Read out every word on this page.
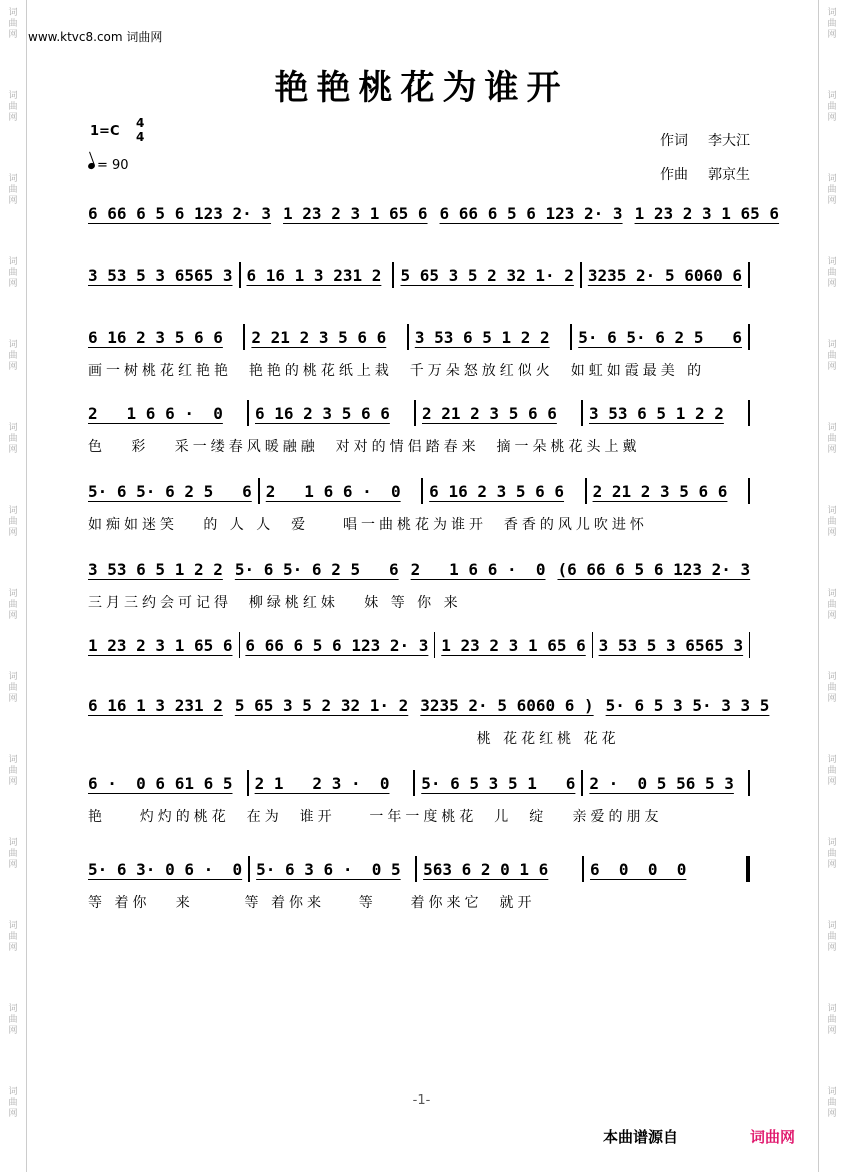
词曲网
词曲网
词曲网
词曲网
词曲网
词曲网
词曲网
词曲网
词曲网
词曲网
词曲网
词曲网
词曲网
词曲网
词曲网
词曲网
词曲网
词曲网
词曲网
词曲网
词曲网
词曲网
词曲网
词曲网
词曲网
词曲网
词曲网
词曲网
www.ktvc8.com 词曲网
艳艳桃花为谁开
1=C
4
4
= 90
作词 李大江
作曲 郭京生
6 66 6 5 6 123 2· 3 1 23 2 3 1 65 6 6 66 6 5 6 123 2· 3 1 23 2 3 1 65 6
3 53 5 3 6565 3 6 16 1 3 231 2	5 65 3 5 2 32 1· 2 3235 2· 5 6060 6
6 16 2 3 5 6 6	2 21 2 3 5 6 6	3 53 6 5 1 2 2	5· 6 5· 6 2 5   6
画一树桃花红艳艳  艳艳的桃花纸上栽  千万朵怒放红似火  如虹如霞最美 的
2   1 6 6 ·  0	6 16 2 3 5 6 6	2 21 2 3 5 6 6	3 53 6 5 1 2 2
色   彩   采一缕春风暖融融  对对的情侣踏春来  摘一朵桃花头上戴
5· 6 5· 6 2 5   6 2   1 6 6 ·  0	6 16 2 3 5 6 6	2 21 2 3 5 6 6
如痴如迷笑   的 人 人  爱    唱一曲桃花为谁开  香香的风儿吹进怀
3 53 6 5 1 2 2 5· 6 5· 6 2 5   6 2   1 6 6 ·  0 (6 66 6 5 6 123 2· 3
三月三约会可记得  柳绿桃红妹   妹 等 你 来
1 23 2 3 1 65 6 6 66 6 5 6 123 2· 3 1 23 2 3 1 65 6 3 53 5 3 6565 3
6 16 1 3 231 2 5 65 3 5 2 32 1· 2 3235 2· 5 6060 6 ) 5· 6 5 3 5· 3 3 5
桃 花花红桃 花花
6 ·  0 6 61 6 5	2 1   2 3 ·  0	5· 6 5 3 5 1   6 2 ·  0 5 56 5 3
艳    灼灼的桃花  在为  谁开    一年一度桃花  儿  绽   亲爱的朋友
5· 6 3· 0 6 ·  0 5· 6 3 6 ·  0 5	563 6 2 0 1 6	6  0  0  0
等 着你   来      等 着你来    等    着你来它  就开
-1-
本曲谱源自	词曲网
